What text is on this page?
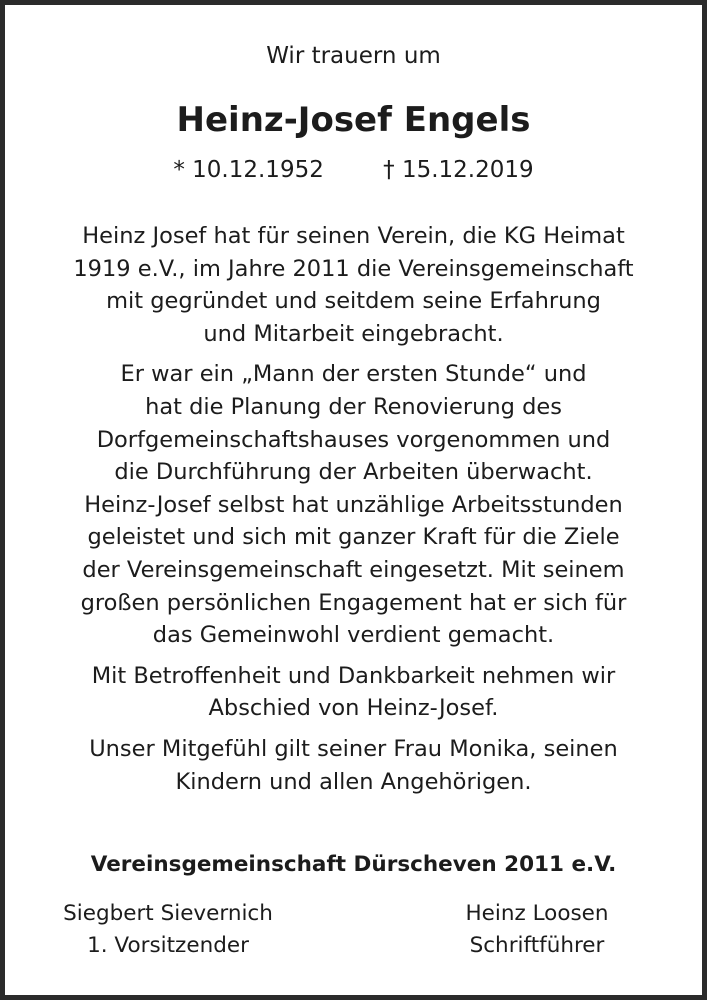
Wir trauern um
Heinz-Josef Engels
* 10.12.1952	† 15.12.2019

Heinz Josef hat für seinen Verein, die KG Heimat
1919 e.V., im Jahre 2011 die Vereinsgemeinschaft
mit gegründet und seitdem seine Erfahrung
und Mitarbeit eingebracht.

Er war ein „Mann der ersten Stunde“ und
hat die Planung der Renovierung des
Dorfgemeinschaftshauses vorgenommen und
die Durchführung der Arbeiten überwacht.
Heinz-Josef selbst hat unzählige Arbeitsstunden
geleistet und sich mit ganzer Kraft für die Ziele
der Vereinsgemeinschaft eingesetzt. Mit seinem
großen persönlichen Engagement hat er sich für
das Gemeinwohl verdient gemacht.

Mit Betroffenheit und Dankbarkeit nehmen wir
Abschied von Heinz-Josef.

Unser Mitgefühl gilt seiner Frau Monika, seinen
Kindern und allen Angehörigen.

Vereinsgemeinschaft Dürscheven 2011 e.V.
Siegbert Sievernich
1. Vorsitzender
Heinz Loosen
Schriftführer
